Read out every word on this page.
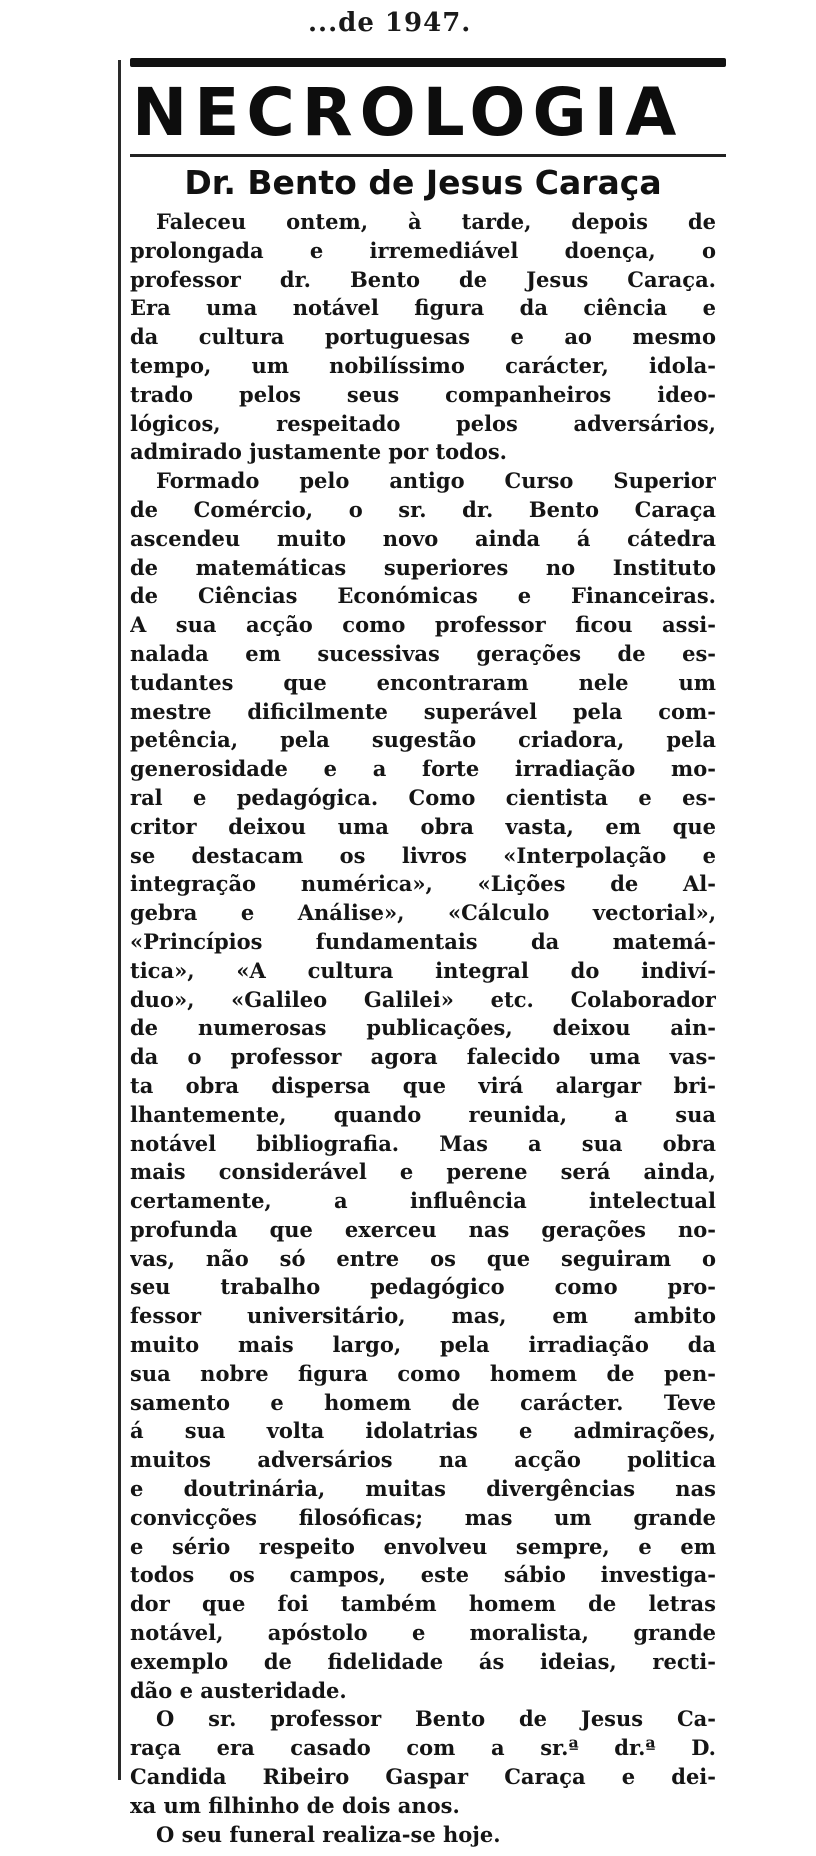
...de 1947.
NECROLOGIA
Dr. Bento de Jesus Caraça
Faleceu ontem, à tarde, depois de
prolongada e irremediável doença, o
professor dr. Bento de Jesus Caraça.
Era uma notável figura da ciência e
da cultura portuguesas e ao mesmo
tempo, um nobilíssimo carácter, idola-
trado pelos seus companheiros ideo-
lógicos, respeitado pelos adversários,
admirado justamente por todos.
Formado pelo antigo Curso Superior
de Comércio, o sr. dr. Bento Caraça
ascendeu muito novo ainda á cátedra
de matemáticas superiores no Instituto
de Ciências Económicas e Financeiras.
A sua acção como professor ficou assi-
nalada em sucessivas gerações de es-
tudantes que encontraram nele um
mestre dificilmente superável pela com-
petência, pela sugestão criadora, pela
generosidade e a forte irradiação mo-
ral e pedagógica. Como cientista e es-
critor deixou uma obra vasta, em que
se destacam os livros «Interpolação e
integração numérica», «Lições de Al-
gebra e Análise», «Cálculo vectorial»,
«Princípios fundamentais da matemá-
tica», «A cultura integral do indiví-
duo», «Galileo Galilei» etc. Colaborador
de numerosas publicações, deixou ain-
da o professor agora falecido uma vas-
ta obra dispersa que virá alargar bri-
lhantemente, quando reunida, a sua
notável bibliografia. Mas a sua obra
mais considerável e perene será ainda,
certamente, a influência intelectual
profunda que exerceu nas gerações no-
vas, não só entre os que seguiram o
seu trabalho pedagógico como pro-
fessor universitário, mas, em ambito
muito mais largo, pela irradiação da
sua nobre figura como homem de pen-
samento e homem de carácter. Teve
á sua volta idolatrias e admirações,
muitos adversários na acção politica
e doutrinária, muitas divergências nas
convicções filosóficas; mas um grande
e sério respeito envolveu sempre, e em
todos os campos, este sábio investiga-
dor que foi também homem de letras
notável, apóstolo e moralista, grande
exemplo de fidelidade ás ideias, recti-
dão e austeridade.
O sr. professor Bento de Jesus Ca-
raça era casado com a sr.ª dr.ª D.
Candida Ribeiro Gaspar Caraça e dei-
xa um filhinho de dois anos.
O seu funeral realiza-se hoje.
